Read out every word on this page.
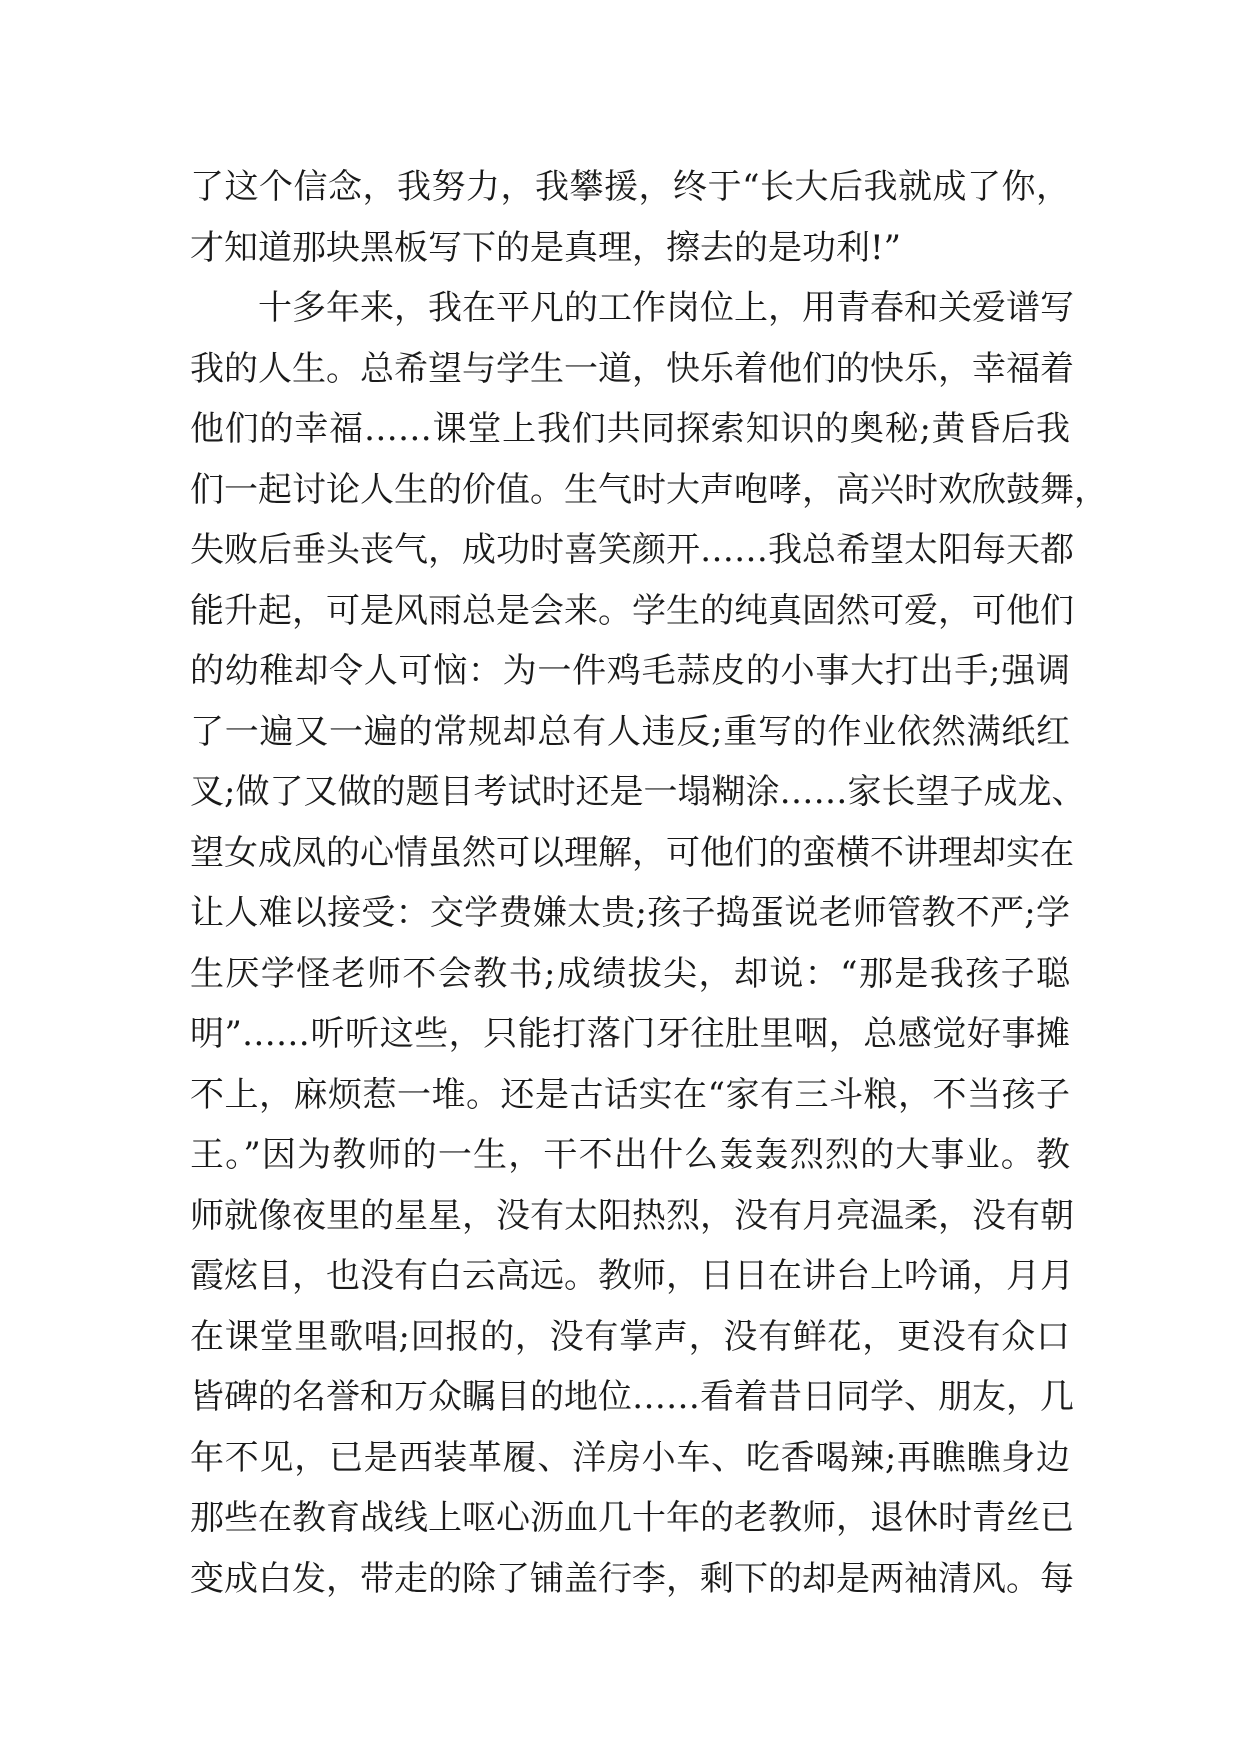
了这个信念，我努力，我攀援，终于“长大后我就成了你，
才知道那块黑板写下的是真理，擦去的是功利!”
十多年来，我在平凡的工作岗位上，用青春和关爱谱写
我的人生。总希望与学生一道，快乐着他们的快乐，幸福着
他们的幸福……课堂上我们共同探索知识的奥秘;黄昏后我
们一起讨论人生的价值。生气时大声咆哮，高兴时欢欣鼓舞，
失败后垂头丧气，成功时喜笑颜开……我总希望太阳每天都
能升起，可是风雨总是会来。学生的纯真固然可爱，可他们
的幼稚却令人可恼：为一件鸡毛蒜皮的小事大打出手;强调
了一遍又一遍的常规却总有人违反;重写的作业依然满纸红
叉;做了又做的题目考试时还是一塌糊涂……家长望子成龙、
望女成凤的心情虽然可以理解，可他们的蛮横不讲理却实在
让人难以接受：交学费嫌太贵;孩子捣蛋说老师管教不严;学
生厌学怪老师不会教书;成绩拔尖，却说：“那是我孩子聪
明”……听听这些，只能打落门牙往肚里咽，总感觉好事摊
不上，麻烦惹一堆。还是古话实在“家有三斗粮，不当孩子
王。”因为教师的一生，干不出什么轰轰烈烈的大事业。教
师就像夜里的星星，没有太阳热烈，没有月亮温柔，没有朝
霞炫目，也没有白云高远。教师，日日在讲台上吟诵，月月
在课堂里歌唱;回报的，没有掌声，没有鲜花，更没有众口
皆碑的名誉和万众瞩目的地位……看着昔日同学、朋友，几
年不见，已是西装革履、洋房小车、吃香喝辣;再瞧瞧身边
那些在教育战线上呕心沥血几十年的老教师，退休时青丝已
变成白发，带走的除了铺盖行李，剩下的却是两袖清风。每
